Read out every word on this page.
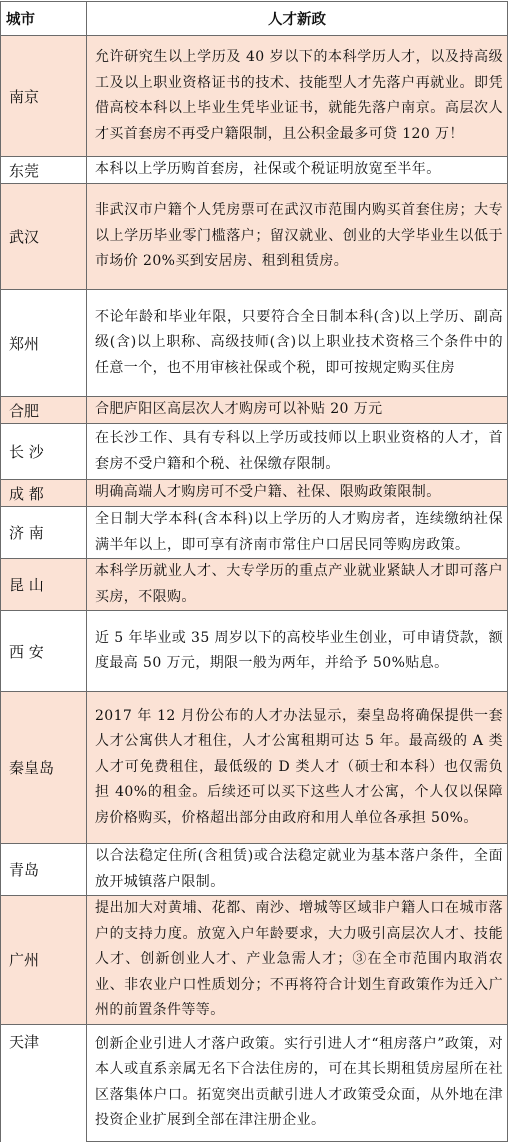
城市	人才新政
南京	允许研究生以上学历及 40 岁以下的本科学历人才，以及持高级工及以上职业资格证书的技术、技能型人才先落户再就业。即凭借高校本科以上毕业生凭毕业证书，就能先落户南京。高层次人才买首套房不再受户籍限制，且公积金最多可贷 120 万！
东莞	本科以上学历购首套房，社保或个税证明放宽至半年。
武汉	非武汉市户籍个人凭房票可在武汉市范围内购买首套住房；大专以上学历毕业零门槛落户；留汉就业、创业的大学毕业生以低于市场价 20%买到安居房、租到租赁房。
郑州	不论年龄和毕业年限，只要符合全日制本科(含)以上学历、副高级(含)以上职称、高级技师(含)以上职业技术资格三个条件中的任意一个，也不用审核社保或个税，即可按规定购买住房
合肥	合肥庐阳区高层次人才购房可以补贴 20 万元
长 沙	在长沙工作、具有专科以上学历或技师以上职业资格的人才，首套房不受户籍和个税、社保缴存限制。
成 都	明确高端人才购房可不受户籍、社保、限购政策限制。
济 南	全日制大学本科(含本科)以上学历的人才购房者，连续缴纳社保满半年以上，即可享有济南市常住户口居民同等购房政策。
昆 山	本科学历就业人才、大专学历的重点产业就业紧缺人才即可落户买房，不限购。
西 安	近 5 年毕业或 35 周岁以下的高校毕业生创业，可申请贷款，额度最高 50 万元，期限一般为两年，并给予 50%贴息。
秦皇岛	2017 年 12 月份公布的人才办法显示，秦皇岛将确保提供一套人才公寓供人才租住，人才公寓租期可达 5 年。最高级的 A 类人才可免费租住，最低级的 D 类人才（硕士和本科）也仅需负担 40%的租金。后续还可以买下这些人才公寓，个人仅以保障房价格购买，价格超出部分由政府和用人单位各承担 50%。
青岛	以合法稳定住所(含租赁)或合法稳定就业为基本落户条件，全面放开城镇落户限制。
广州	提出加大对黄埔、花都、南沙、增城等区域非户籍人口在城市落户的支持力度。放宽入户年龄要求，大力吸引高层次人才、技能人才、创新创业人才、产业急需人才；③在全市范围内取消农业、非农业户口性质划分；不再将符合计划生育政策作为迁入广州的前置条件等等。
天津	创新企业引进人才落户政策。实行引进人才“租房落户”政策，对本人或直系亲属无名下合法住房的，可在其长期租赁房屋所在社区落集体户口。拓宽突出贡献引进人才政策受众面，从外地在津投资企业扩展到全部在津注册企业。
